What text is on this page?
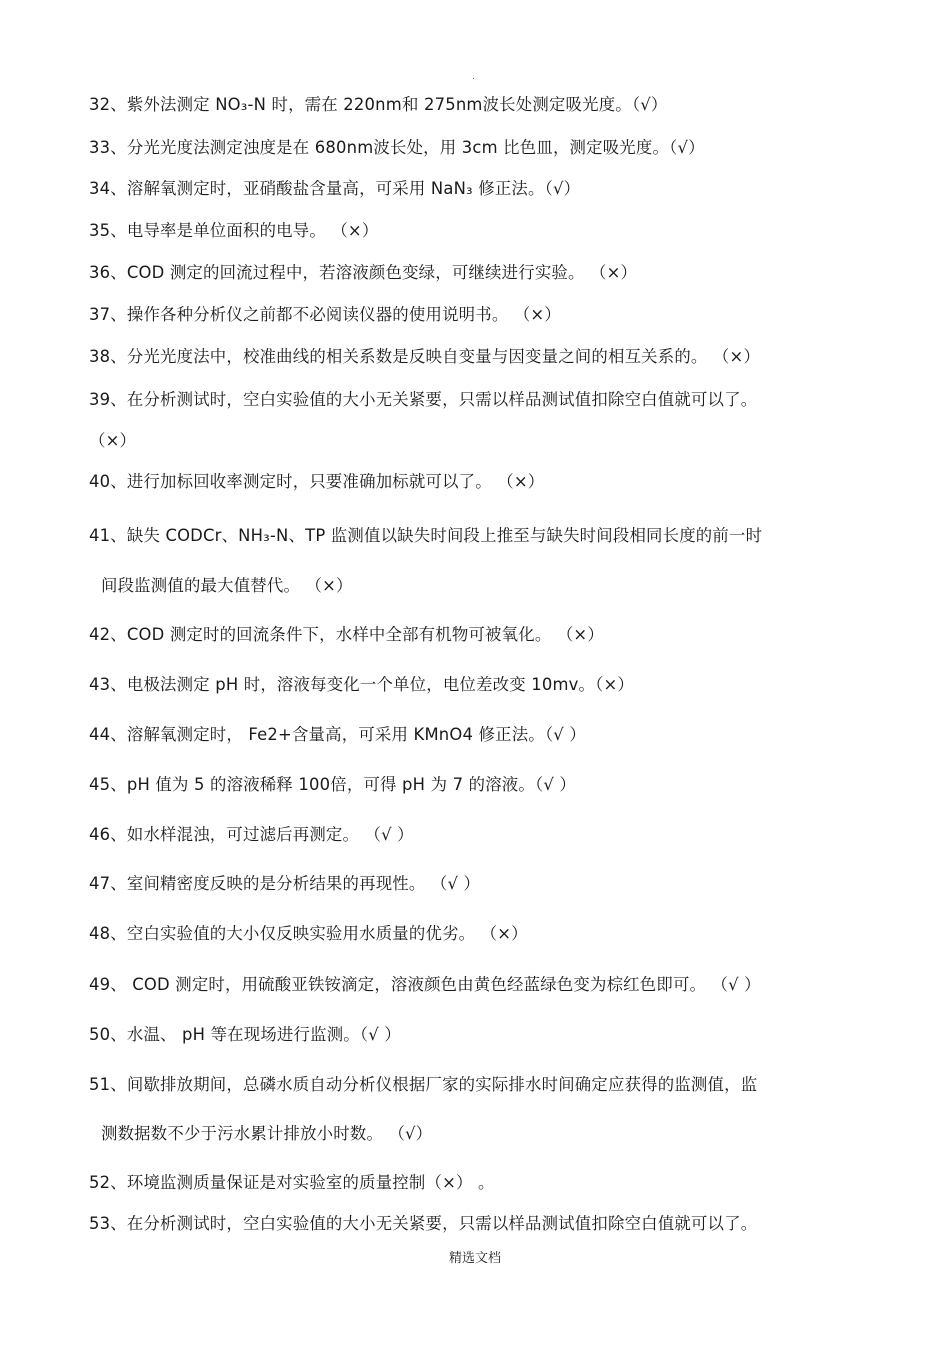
.
32、紫外法测定 NO₃-N 时，需在 220nm和 275nm波长处测定吸光度。（√）
33、分光光度法测定浊度是在 680nm波长处，用 3cm 比色皿，测定吸光度。（√）
34、溶解氧测定时，亚硝酸盐含量高，可采用 NaN₃ 修正法。（√）
35、电导率是单位面积的电导。 （×）
36、COD 测定的回流过程中，若溶液颜色变绿，可继续进行实验。 （×）
37、操作各种分析仪之前都不必阅读仪器的使用说明书。 （×）
38、分光光度法中，校准曲线的相关系数是反映自变量与因变量之间的相互关系的。 （×）
39、在分析测试时，空白实验值的大小无关紧要，只需以样品测试值扣除空白值就可以了。
（×）
40、进行加标回收率测定时，只要准确加标就可以了。 （×）
41、缺失 CODCr、NH₃-N、TP 监测值以缺失时间段上推至与缺失时间段相同长度的前一时
间段监测值的最大值替代。 （×）
42、COD 测定时的回流条件下，水样中全部有机物可被氧化。 （×）
43、电极法测定 pH 时，溶液每变化一个单位，电位差改变 10mv。（×）
44、溶解氧测定时， Fe2+含量高，可采用 KMnO4 修正法。（√ ）
45、pH 值为 5 的溶液稀释 100倍，可得 pH 为 7 的溶液。（√ ）
46、如水样混浊，可过滤后再测定。 （√ ）
47、室间精密度反映的是分析结果的再现性。 （√ ）
48、空白实验值的大小仅反映实验用水质量的优劣。 （×）
49、 COD 测定时，用硫酸亚铁铵滴定，溶液颜色由黄色经蓝绿色变为棕红色即可。 （√ ）
50、水温、 pH 等在现场进行监测。（√ ）
51、间歇排放期间，总磷水质自动分析仪根据厂家的实际排水时间确定应获得的监测值，监
测数据数不少于污水累计排放小时数。 （√）
52、环境监测质量保证是对实验室的质量控制（×） 。
53、在分析测试时，空白实验值的大小无关紧要，只需以样品测试值扣除空白值就可以了。
精选文档
